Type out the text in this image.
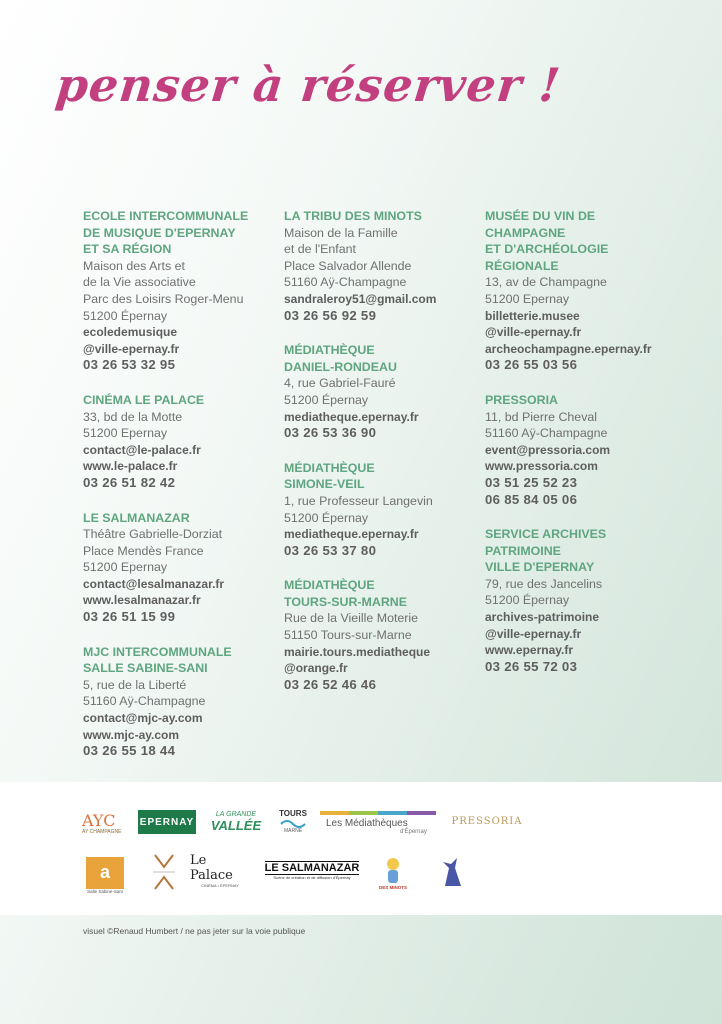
penser à réserver !
ECOLE INTERCOMMUNALE
DE MUSIQUE D'EPERNAY
ET SA RÉGION
Maison des Arts et
de la Vie associative
Parc des Loisirs Roger-Menu
51200 Épernay
ecoledemusique
@ville-epernay.fr
03 26 53 32 95
CINÉMA LE PALACE
33, bd de la Motte
51200 Epernay
contact@le-palace.fr
www.le-palace.fr
03 26 51 82 42
LE SALMANAZAR
Théâtre Gabrielle-Dorziat
Place Mendès France
51200 Epernay
contact@lesalmanazar.fr
www.lesalmanazar.fr
03 26 51 15 99
MJC INTERCOMMUNALE
SALLE SABINE-SANI
5, rue de la Liberté
51160 Aÿ-Champagne
contact@mjc-ay.com
www.mjc-ay.com
03 26 55 18 44
LA TRIBU DES MINOTS
Maison de la Famille
et de l'Enfant
Place Salvador Allende
51160 Aÿ-Champagne
sandraleroy51@gmail.com
03 26 56 92 59
MÉDIATHÈQUE
DANIEL-RONDEAU
4, rue Gabriel-Fauré
51200 Épernay
mediatheque.epernay.fr
03 26 53 36 90
MÉDIATHÈQUE
SIMONE-VEIL
1, rue Professeur Langevin
51200 Épernay
mediatheque.epernay.fr
03 26 53 37 80
MÉDIATHÈQUE
TOURS-SUR-MARNE
Rue de la Vieille Moterie
51150 Tours-sur-Marne
mairie.tours.mediatheque
@orange.fr
03 26 52 46 46
MUSÉE DU VIN DE
CHAMPAGNE
ET D'ARCHÉOLOGIE
RÉGIONALE
13, av de Champagne
51200 Epernay
billetterie.musee
@ville-epernay.fr
archeochampagne.epernay.fr
03 26 55 03 56
PRESSORIA
11, bd Pierre Cheval
51160 Aÿ-Champagne
event@pressoria.com
www.pressoria.com
03 51 25 52 23
06 85 84 05 06
SERVICE ARCHIVES
PATRIMOINE
VILLE D'EPERNAY
79, rue des Jancelins
51200 Épernay
archives-patrimoine
@ville-epernay.fr
www.epernay.fr
03 26 55 72 03
AYC
AY CHAMPAGNE
EPERNAY
LA GRANDE
VALLÉE
TOURS
MARNE
Les Médiathèques
d'Épernay
PRESSORIA
a
Salle Sabine-Sani
Le Palace
CINÉMA • ÉPERNAY
LE SALMANAZAR
Scène de création et de diffusion d'Épernay
DES MINOTS
visuel ©Renaud Humbert / ne pas jeter sur la voie publique
